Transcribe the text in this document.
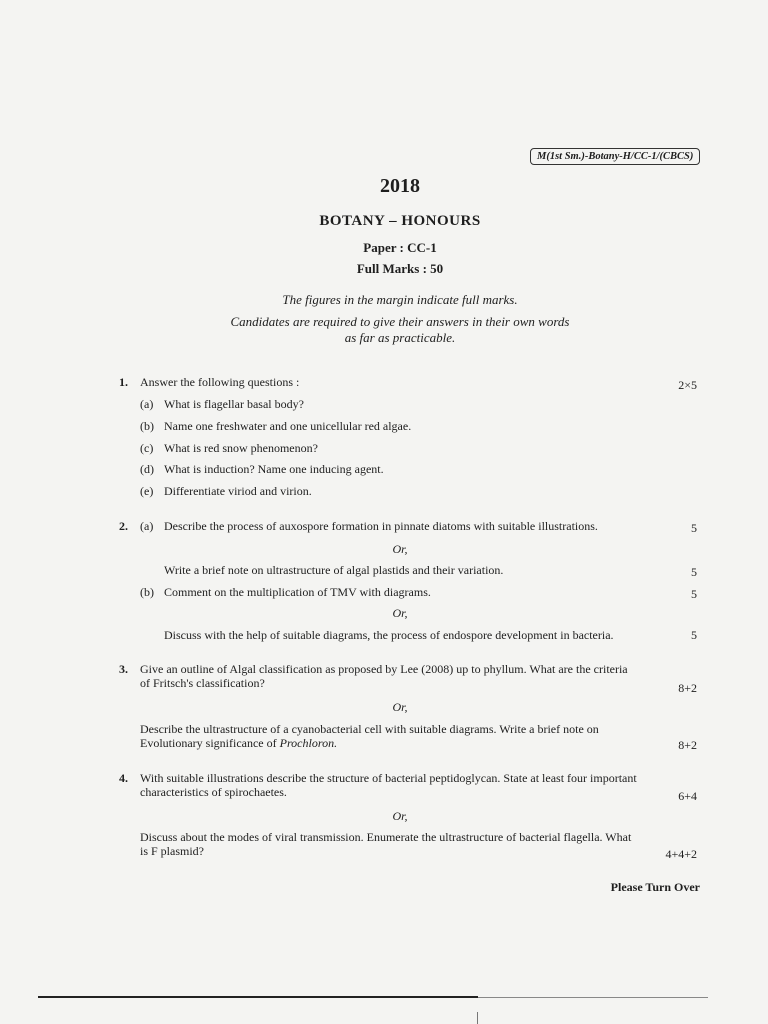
M(1st Sm.)-Botany-H/CC-1/(CBCS)
2018
BOTANY – HONOURS
Paper : CC-1
Full Marks : 50
The figures in the margin indicate full marks.
Candidates are required to give their answers in their own words
as far as practicable.
1. Answer the following questions :	2×5
(a) What is flagellar basal body?
(b) Name one freshwater and one unicellular red algae.
(c) What is red snow phenomenon?
(d) What is induction? Name one inducing agent.
(e) Differentiate viriod and virion.
2. (a) Describe the process of auxospore formation in pinnate diatoms with suitable illustrations.	5
Or,
Write a brief note on ultrastructure of algal plastids and their variation.	5
(b) Comment on the multiplication of TMV with diagrams.	5
Or,
Discuss with the help of suitable diagrams, the process of endospore development in bacteria.	5
3. Give an outline of Algal classification as proposed by Lee (2008) up to phyllum. What are the criteria
of Fritsch's classification?	8+2
Or,
Describe the ultrastructure of a cyanobacterial cell with suitable diagrams. Write a brief note on
Evolutionary significance of Prochloron.	8+2
4. With suitable illustrations describe the structure of bacterial peptidoglycan. State at least four important
characteristics of spirochaetes.	6+4
Or,
Discuss about the modes of viral transmission. Enumerate the ultrastructure of bacterial flagella. What
is F plasmid?	4+4+2
Please Turn Over
